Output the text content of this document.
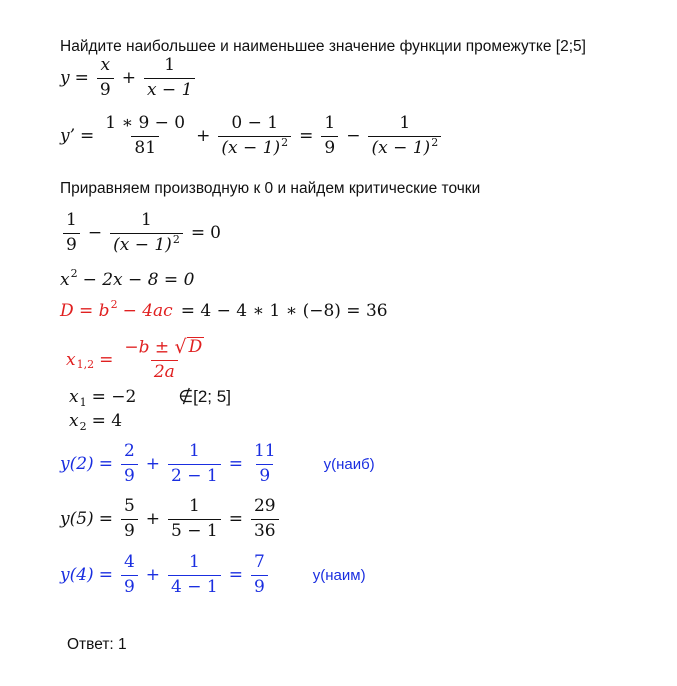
Найдите наибольшее и наименьшее значение функции промежутке [2;5]
$y = \frac{x}{9} + \frac{1}{x - 1}$
y’ = $\frac{1 ∗ 9 - 0}{81} + \frac{0 - 1}{(x - 1)^2} = \frac{1}{9} - \frac{1}{(x - 1)^2}$
Приравняем производную к 0 и найдем критические точки
$\frac{1}{9} - \frac{1}{(x - 1)^2} = 0$
x 2 − 2x − 8 = 0
D = b 2 − 4ac = 4 − 4 ∗ 1 ∗ (−8) = 36
x $1,2 = \frac{-b \pm √ D}{2a}$
x 1 = −2 ∉[2; 5]
x 2 = 4
$y(2) = \frac{2}{9} + \frac{1}{2 - 1} = \frac{11}{9}$	y(наиб)
$y(5) = \frac{5}{9} + \frac{1}{5 - 1} = \frac{29}{36}$
$y(4) = \frac{4}{9} + \frac{1}{4 - 1} = \frac{7}{9}$	y(наим)
Ответ: 1
